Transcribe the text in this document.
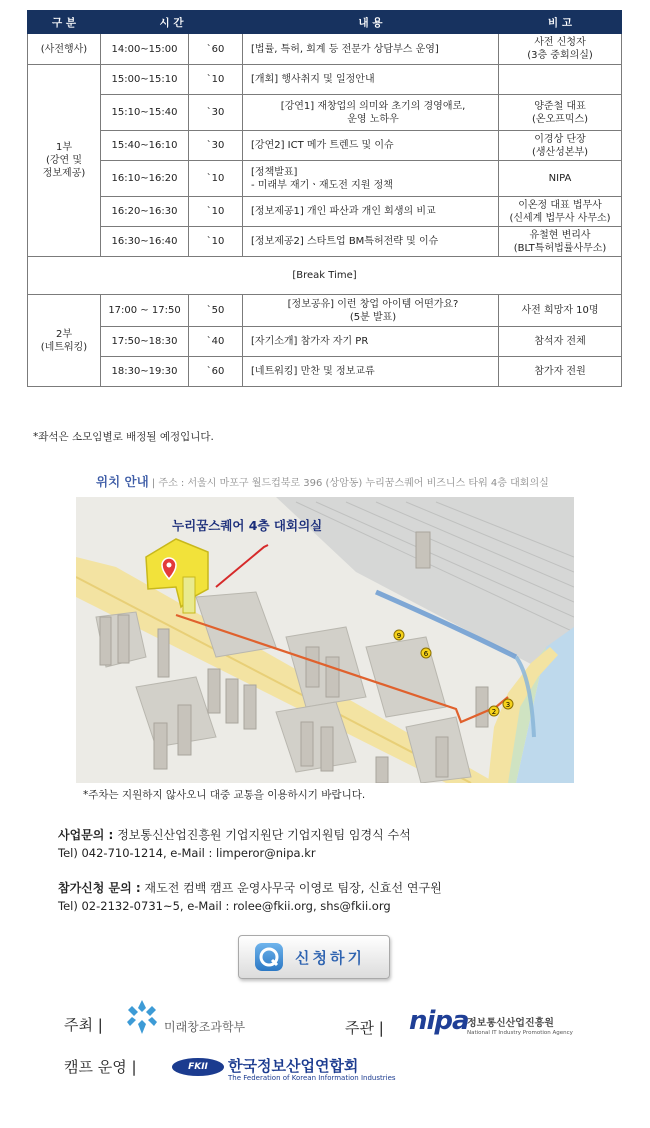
구 분	시 간		내 용	비 고
(사전행사)	14:00~15:00	`60	[법률, 특허, 회계 등 전문가 상담부스 운영]	사전 신청자
(3층 중회의실)
1부
(강연 및
정보제공)	15:00~15:10	`10	[개회] 행사취지 및 일정안내	
	15:10~15:40	`30	[강연1] 재창업의 의미와 초기의 경영애로,
운영 노하우	양준철 대표
(온오프믹스)
	15:40~16:10	`30	[강연2] ICT 메가 트렌드 및 이슈	이경상 단장
(생산성본부)
	16:10~16:20	`10	[정책발표]
- 미래부 재기ㆍ재도전 지원 정책	NIPA
	16:20~16:30	`10	[정보제공1] 개인 파산과 개인 회생의 비교	이온정 대표 법무사
(신세계 법무사 사무소)
	16:30~16:40	`10	[정보제공2] 스타트업 BM특허전략 및 이슈	유철현 변리사
(BLT특허법률사무소)
[Break Time]				
2부
(네트워킹)	17:00 ~ 17:50	`50	[정보공유] 이런 창업 아이템 어떤가요?
(5분 발표)	사전 희망자 10명
	17:50~18:30	`40	[자기소개] 참가자 자기 PR	참석자 전체
	18:30~19:30	`60	[네트워킹] 만찬 및 정보교류	참가자 전원
*좌석은 소모임별로 배정될 예정입니다.
위치 안내 | 주소 : 서울시 마포구 월드컵북로 396 (상암동) 누리꿈스퀘어 비즈니스 타워 4층 대회의실
9
6
2
3
누리꿈스퀘어 4층 대회의실
*주차는 지원하지 않사오니 대중 교통을 이용하시기 바랍니다.
사업문의 : 정보통신산업진흥원 기업지원단 기업지원팀 임경식 수석
Tel) 042-710-1214, e-Mail : limperor@nipa.kr
참가신청 문의 : 재도전 컴백 캠프 운영사무국 이영로 팀장, 신효선 연구원
Tel) 02-2132-0731~5, e-Mail : rolee@fkii.org, shs@fkii.org
신청하기
주최 |	미래창조과학부	주관 | nipa
정보통신산업진흥원
National IT Industry Promotion Agency
캠프 운영 |	FKII	한국정보산업연합회
The Federation of Korean Information Industries
